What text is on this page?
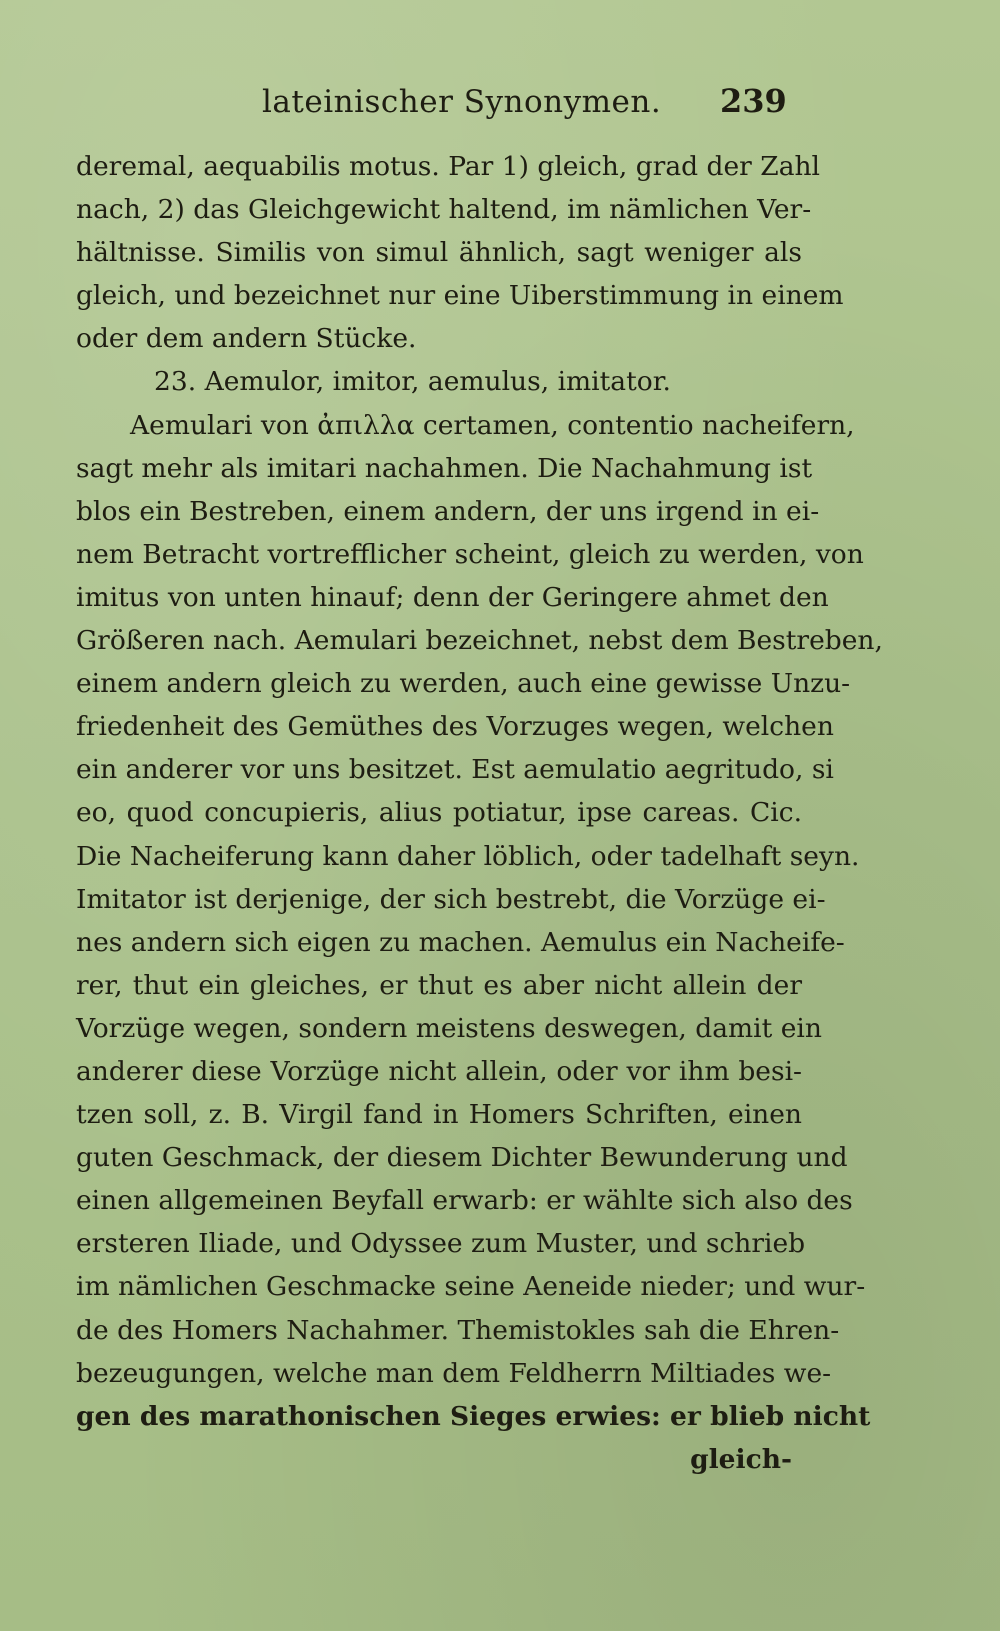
lateinischer Synonymen. 239
deremal, aequabilis motus. Par 1) gleich, grad der Zahl
nach, 2) das Gleichgewicht haltend, im nämlichen Ver-
hältnisse. Similis von simul ähnlich, sagt weniger als
gleich, und bezeichnet nur eine Uiberstimmung in einem
oder dem andern Stücke.
23. Aemulor, imitor, aemulus, imitator.
Aemulari von ἀπιλλα certamen, contentio nacheifern,
sagt mehr als imitari nachahmen. Die Nachahmung ist
blos ein Bestreben, einem andern, der uns irgend in ei-
nem Betracht vortrefflicher scheint, gleich zu werden, von
imitus von unten hinauf; denn der Geringere ahmet den
Größeren nach. Aemulari bezeichnet, nebst dem Bestreben,
einem andern gleich zu werden, auch eine gewisse Unzu-
friedenheit des Gemüthes des Vorzuges wegen, welchen
ein anderer vor uns besitzet. Est aemulatio aegritudo, si
eo, quod concupieris, alius potiatur, ipse careas. Cic.
Die Nacheiferung kann daher löblich, oder tadelhaft seyn.
Imitator ist derjenige, der sich bestrebt, die Vorzüge ei-
nes andern sich eigen zu machen. Aemulus ein Nacheife-
rer, thut ein gleiches, er thut es aber nicht allein der
Vorzüge wegen, sondern meistens deswegen, damit ein
anderer diese Vorzüge nicht allein, oder vor ihm besi-
tzen soll, z. B. Virgil fand in Homers Schriften, einen
guten Geschmack, der diesem Dichter Bewunderung und
einen allgemeinen Beyfall erwarb: er wählte sich also des
ersteren Iliade, und Odyssee zum Muster, und schrieb
im nämlichen Geschmacke seine Aeneide nieder; und wur-
de des Homers Nachahmer. Themistokles sah die Ehren-
bezeugungen, welche man dem Feldherrn Miltiades we-
gen des marathonischen Sieges erwies: er blieb nicht
gleich-
